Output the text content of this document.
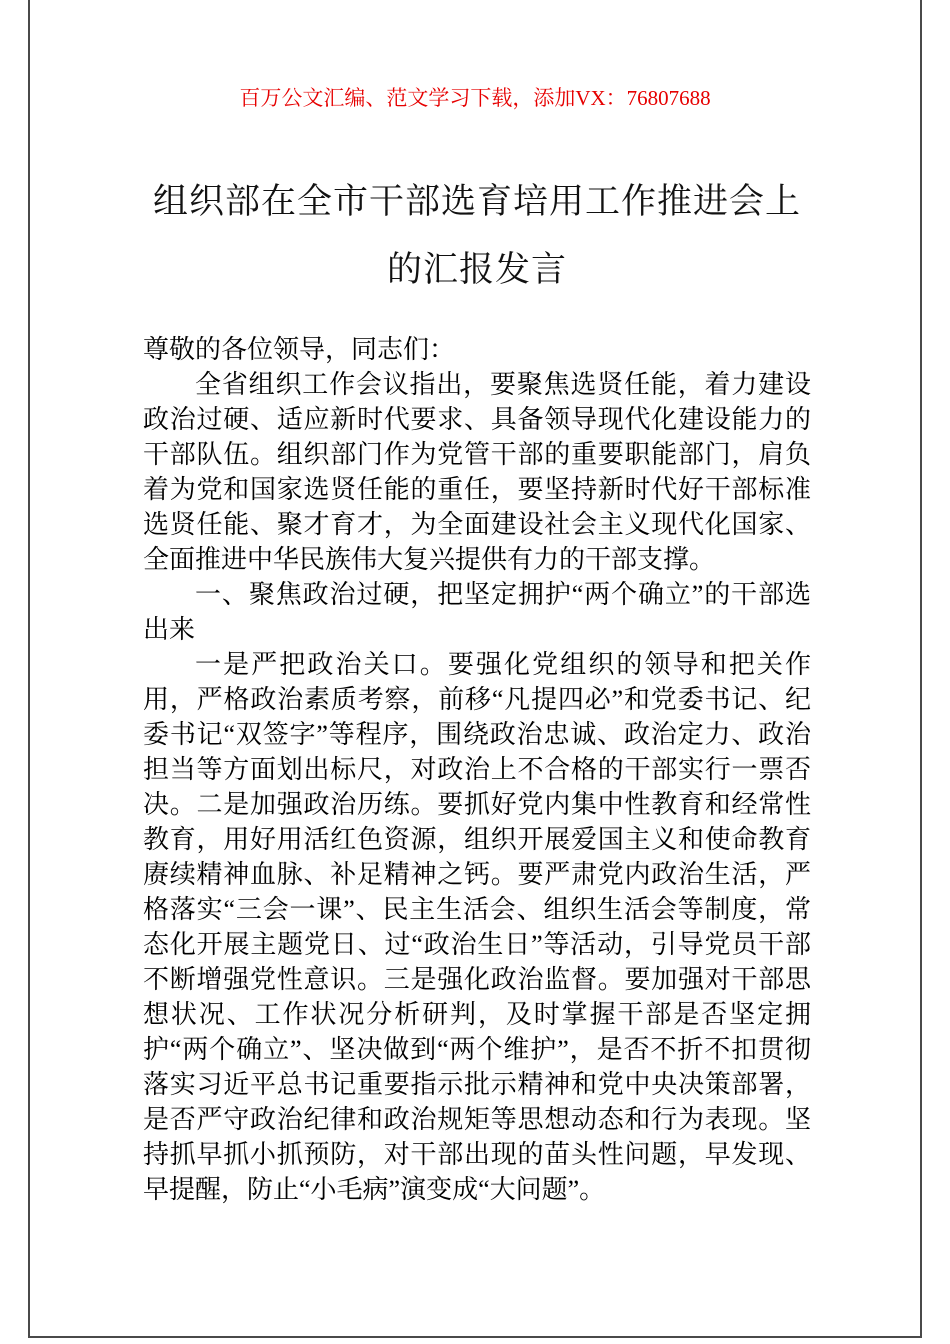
百万公文汇编、范文学习下载，添加VX：76807688
组织部在全市干部选育培用工作推进会上
的汇报发言

尊敬的各位领导，同志们：

全省组织工作会议指出，要聚焦选贤任能，着力建设政治过硬、适应新时代要求、具备领导现代化建设能力的干部队伍。组织部门作为党管干部的重要职能部门，肩负着为党和国家选贤任能的重任，要坚持新时代好干部标准选贤任能、聚才育才，为全面建设社会主义现代化国家、全面推进中华民族伟大复兴提供有力的干部支撑。

一、聚焦政治过硬，把坚定拥护“两个确立”的干部选出来

一是严把政治关口。要强化党组织的领导和把关作用，严格政治素质考察，前移“凡提四必”和党委书记、纪委书记“双签字”等程序，围绕政治忠诚、政治定力、政治担当等方面划出标尺，对政治上不合格的干部实行一票否决。二是加强政治历练。要抓好党内集中性教育和经常性教育，用好用活红色资源，组织开展爱国主义和使命教育赓续精神血脉、补足精神之钙。要严肃党内政治生活，严格落实“三会一课”、民主生活会、组织生活会等制度，常态化开展主题党日、过“政治生日”等活动，引导党员干部不断增强党性意识。三是强化政治监督。要加强对干部思想状况、工作状况分析研判，及时掌握干部是否坚定拥护“两个确立”、坚决做到“两个维护”，是否不折不扣贯彻落实习近平总书记重要指示批示精神和党中央决策部署，是否严守政治纪律和政治规矩等思想动态和行为表现。坚持抓早抓小抓预防，对干部出现的苗头性问题，早发现、早提醒，防止“小毛病”演变成“大问题”。
